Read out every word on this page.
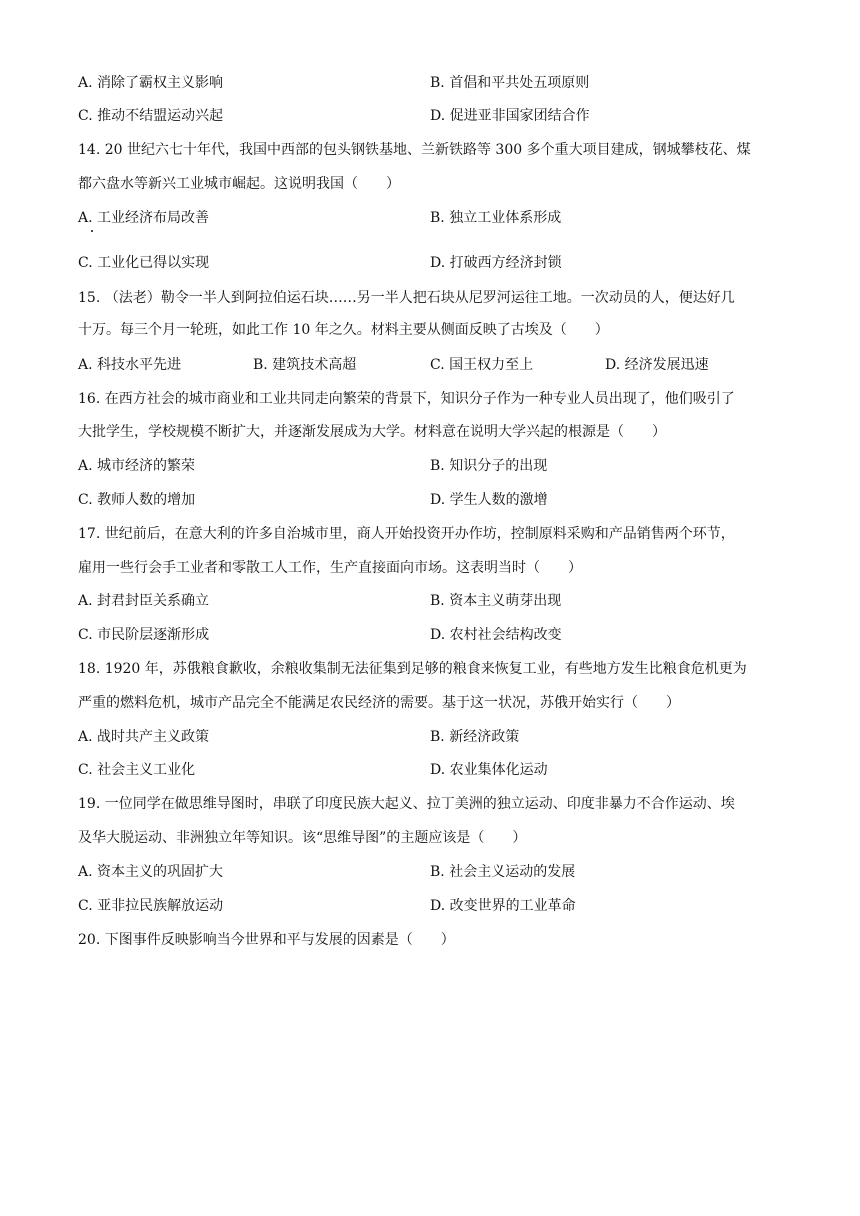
A. 消除了霸权主义影响	B. 首倡和平共处五项原则
C. 推动不结盟运动兴起	D. 促进亚非国家团结合作
14. 20 世纪六七十年代，我国中西部的包头钢铁基地、兰新铁路等 300 多个重大项目建成，钢城攀枝花、煤
都六盘水等新兴工业城市崛起。这说明我国（　　）
A. 工业经济布局改善	B. 独立工业体系形成
C. 工业化已得以实现	D. 打破西方经济封锁
15. （法老）勒令一半人到阿拉伯运石块……另一半人把石块从尼罗河运往工地。一次动员的人，便达好几
十万。每三个月一轮班，如此工作 10 年之久。材料主要从侧面反映了古埃及（　　）
A. 科技水平先进	B. 建筑技术高超	C. 国王权力至上	D. 经济发展迅速
16. 在西方社会的城市商业和工业共同走向繁荣的背景下，知识分子作为一种专业人员出现了，他们吸引了
大批学生，学校规模不断扩大，并逐渐发展成为大学。材料意在说明大学兴起的根源是（　　）
A. 城市经济的繁荣	B. 知识分子的出现
C. 教师人数的增加	D. 学生人数的激增
17. 世纪前后，在意大利的许多自治城市里，商人开始投资开办作坊，控制原料采购和产品销售两个环节，
雇用一些行会手工业者和零散工人工作，生产直接面向市场。这表明当时（　　）
A. 封君封臣关系确立	B. 资本主义萌芽出现
C. 市民阶层逐渐形成	D. 农村社会结构改变
18. 1920 年，苏俄粮食歉收，余粮收集制无法征集到足够的粮食来恢复工业，有些地方发生比粮食危机更为
严重的燃料危机，城市产品完全不能满足农民经济的需要。基于这一状况，苏俄开始实行（　　）
A. 战时共产主义政策	B. 新经济政策
C. 社会主义工业化	D. 农业集体化运动
19. 一位同学在做思维导图时，串联了印度民族大起义、拉丁美洲的独立运动、印度非暴力不合作运动、埃
及华大脱运动、非洲独立年等知识。该“思维导图”的主题应该是（　　）
A. 资本主义的巩固扩大	B. 社会主义运动的发展
C. 亚非拉民族解放运动	D. 改变世界的工业革命
20. 下图事件反映影响当今世界和平与发展的因素是（　　）
